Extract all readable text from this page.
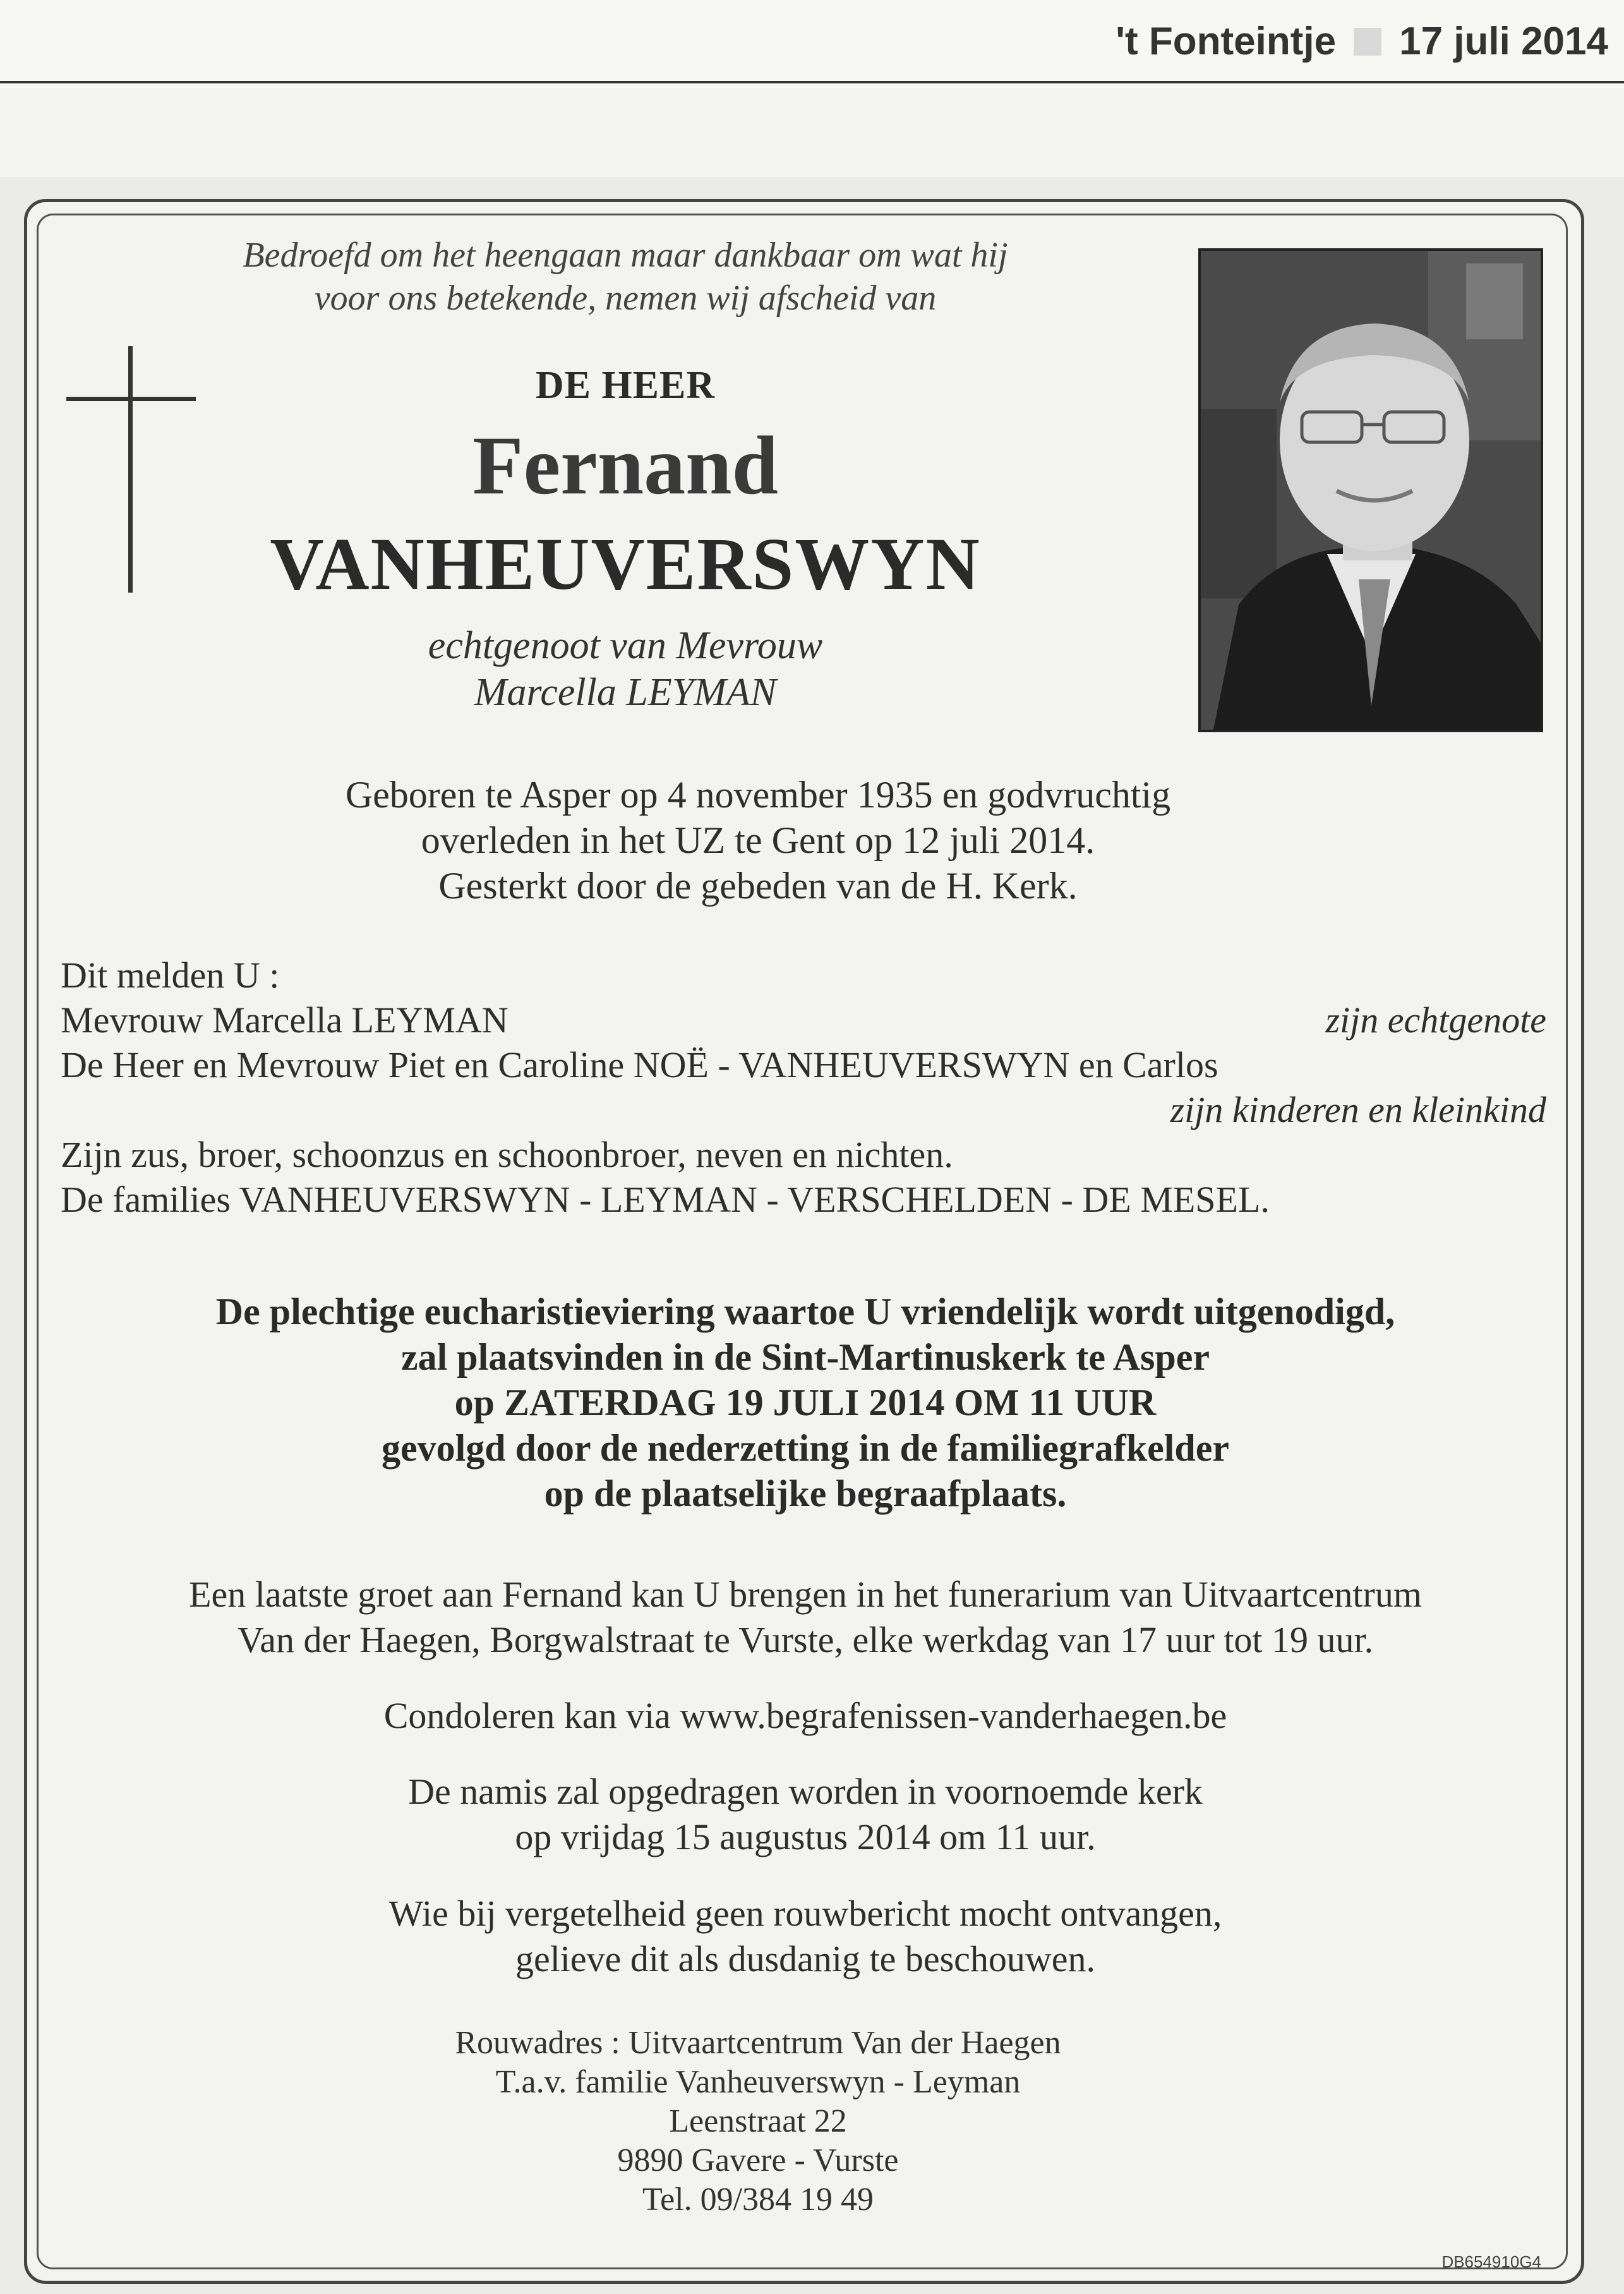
't Fonteintje 17 juli 2014
Bedroefd om het heengaan maar dankbaar om wat hij
voor ons betekende, nemen wij afscheid van
DE HEER
Fernand
VANHEUVERSWYN
echtgenoot van Mevrouw
Marcella LEYMAN
Geboren te Asper op 4 november 1935 en godvruchtig
overleden in het UZ te Gent op 12 juli 2014.
Gesterkt door de gebeden van de H. Kerk.
Dit melden U :
Mevrouw Marcella LEYMAN	zijn echtgenote
De Heer en Mevrouw Piet en Caroline NOË - VANHEUVERSWYN en Carlos
zijn kinderen en kleinkind
Zijn zus, broer, schoonzus en schoonbroer, neven en nichten.
De families VANHEUVERSWYN - LEYMAN - VERSCHELDEN - DE MESEL.
De plechtige eucharistieviering waartoe U vriendelijk wordt uitgenodigd,
zal plaatsvinden in de Sint-Martinuskerk te Asper
op ZATERDAG 19 JULI 2014 OM 11 UUR
gevolgd door de nederzetting in de familiegrafkelder
op de plaatselijke begraafplaats.
Een laatste groet aan Fernand kan U brengen in het funerarium van Uitvaartcentrum
Van der Haegen, Borgwalstraat te Vurste, elke werkdag van 17 uur tot 19 uur.
Condoleren kan via www.begrafenissen-vanderhaegen.be
De namis zal opgedragen worden in voornoemde kerk
op vrijdag 15 augustus 2014 om 11 uur.
Wie bij vergetelheid geen rouwbericht mocht ontvangen,
gelieve dit als dusdanig te beschouwen.
Rouwadres : Uitvaartcentrum Van der Haegen
T.a.v. familie Vanheuverswyn - Leyman
Leenstraat 22
9890 Gavere - Vurste
Tel. 09/384 19 49
DB654910G4
